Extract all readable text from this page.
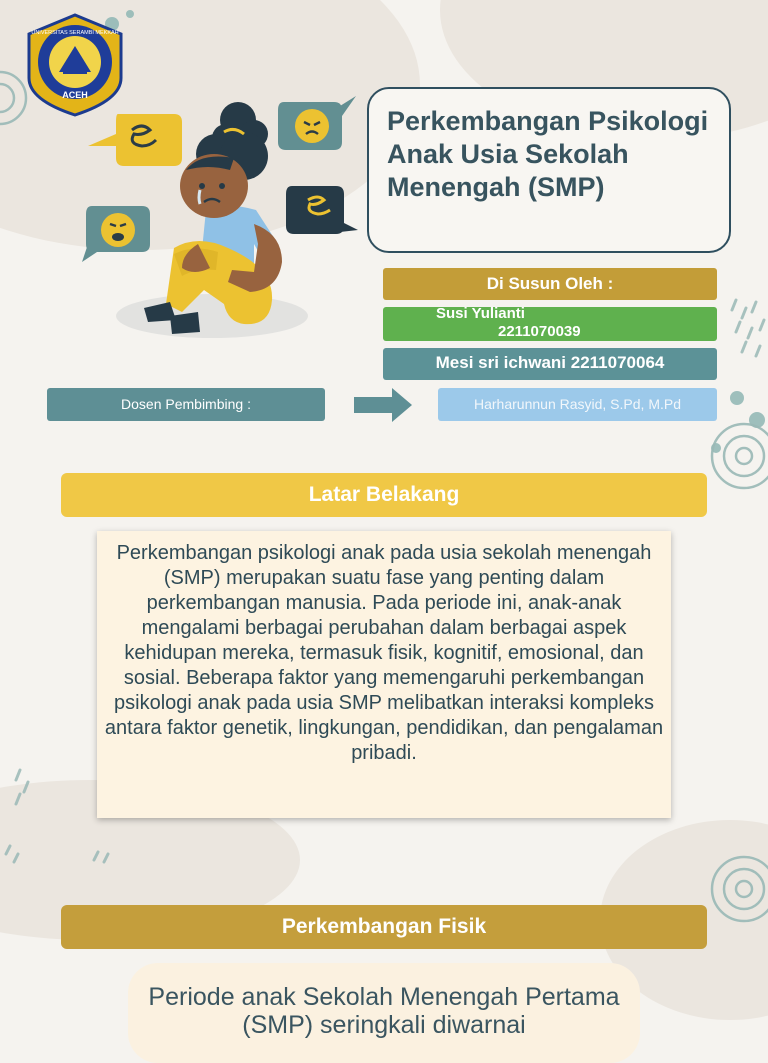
UNIVERSITAS SERAMBI MEKKAH
ACEH
Perkembangan Psikologi Anak Usia Sekolah Menengah (SMP)
Di Susun Oleh :
Susi Yulianti
2211070039
Mesi sri ichwani 2211070064
Dosen Pembimbing :	Harharunnun Rasyid, S.Pd, M.Pd
Latar Belakang
Perkembangan psikologi anak pada usia sekolah menengah (SMP) merupakan suatu fase yang penting dalam perkembangan manusia. Pada periode ini, anak-anak mengalami berbagai perubahan dalam berbagai aspek kehidupan mereka, termasuk fisik, kognitif, emosional, dan sosial. Beberapa faktor yang memengaruhi perkembangan psikologi anak pada usia SMP melibatkan interaksi kompleks antara faktor genetik, lingkungan, pendidikan, dan pengalaman pribadi.
Perkembangan Fisik
Periode anak Sekolah Menengah Pertama (SMP) seringkali diwarnai
